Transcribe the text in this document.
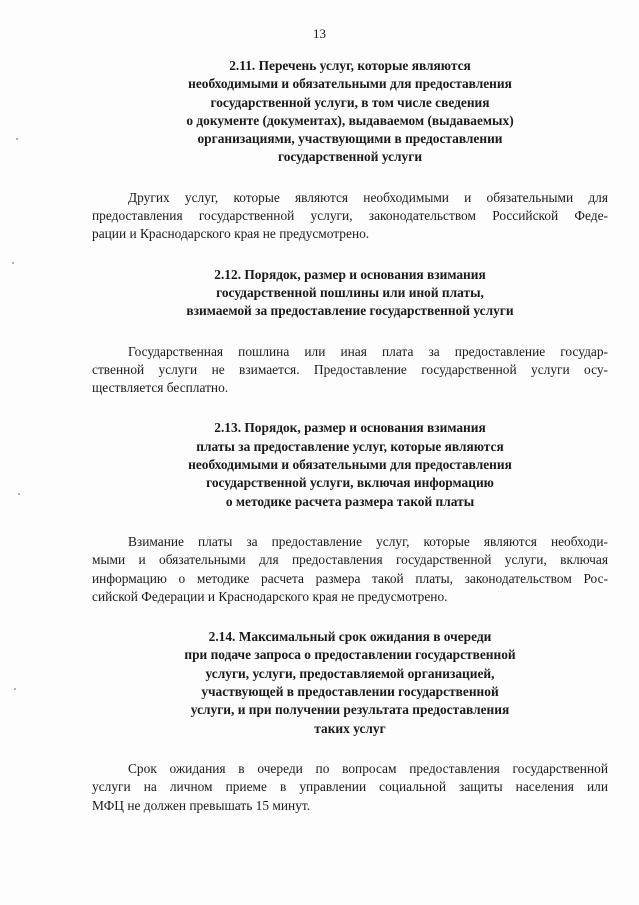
13
2.11. Перечень услуг, которые являются
необходимыми и обязательными для предоставления
государственной услуги, в том числе сведения
о документе (документах), выдаваемом (выдаваемых)
организациями, участвующими в предоставлении
государственной услуги
Других услуг, которые являются необходимыми и обязательными для
предоставления государственной услуги, законодательством Российской Феде-
рации и Краснодарского края не предусмотрено.
2.12. Порядок, размер и основания взимания
государственной пошлины или иной платы,
взимаемой за предоставление государственной услуги
Государственная пошлина или иная плата за предоставление государ-
ственной услуги не взимается. Предоставление государственной услуги осу-
ществляется бесплатно.
2.13. Порядок, размер и основания взимания
платы за предоставление услуг, которые являются
необходимыми и обязательными для предоставления
государственной услуги, включая информацию
о методике расчета размера такой платы
Взимание платы за предоставление услуг, которые являются необходи-
мыми и обязательными для предоставления государственной услуги, включая
информацию о методике расчета размера такой платы, законодательством Рос-
сийской Федерации и Краснодарского края не предусмотрено.
2.14. Максимальный срок ожидания в очереди
при подаче запроса о предоставлении государственной
услуги, услуги, предоставляемой организацией,
участвующей в предоставлении государственной
услуги, и при получении результата предоставления
таких услуг
Срок ожидания в очереди по вопросам предоставления государственной
услуги на личном приеме в управлении социальной защиты населения или
МФЦ не должен превышать 15 минут.
